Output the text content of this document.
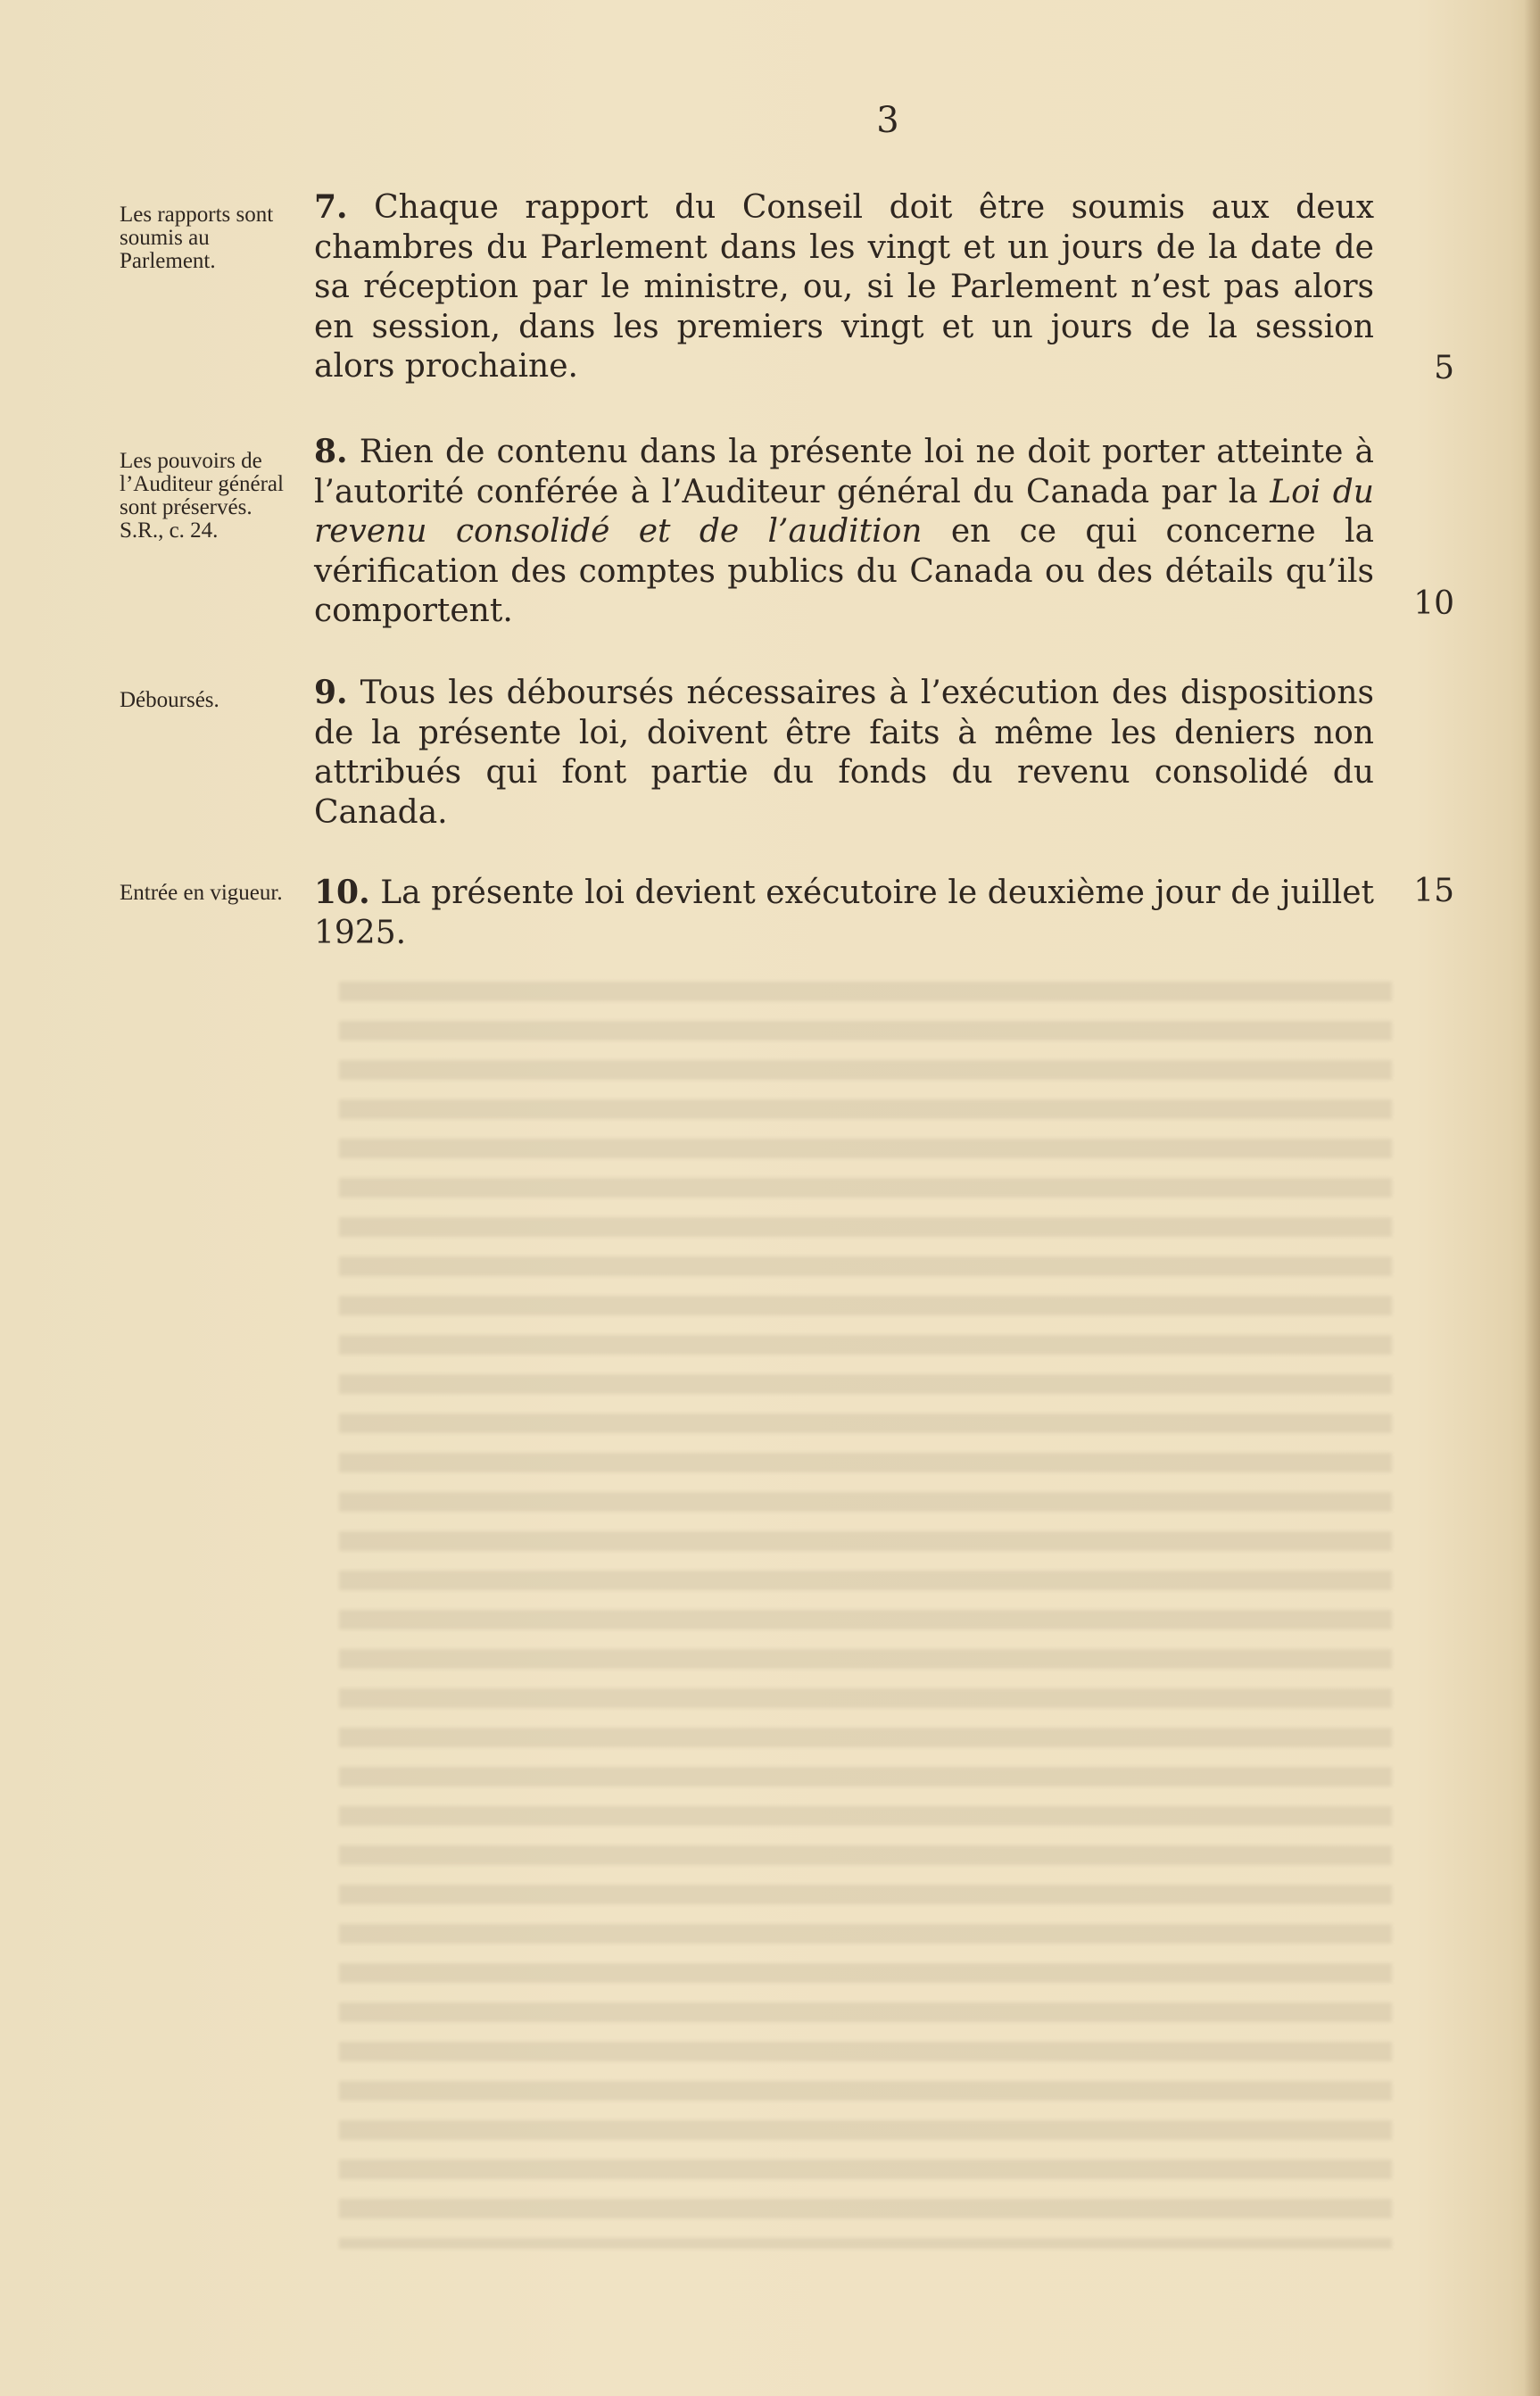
3
Les rapports sont soumis au Parlement.
7. Chaque rapport du Conseil doit être soumis aux deux chambres du Parlement dans les vingt et un jours de la date de sa réception par le ministre, ou, si le Parlement n’est pas alors en session, dans les premiers vingt et un jours de la session alors prochaine.	5
Les pouvoirs de l’Auditeur général sont préservés. S.R., c. 24.
8. Rien de contenu dans la présente loi ne doit porter atteinte à l’autorité conférée à l’Auditeur général du Canada par la Loi du revenu consolidé et de l’audition en ce qui concerne la vérification des comptes publics du Canada ou des détails qu’ils comportent.	10
Déboursés.	9. Tous les déboursés nécessaires à l’exécution des dispositions de la présente loi, doivent être faits à même les deniers non attribués qui font partie du fonds du revenu consolidé du Canada.
Entrée en vigueur. 10. La présente loi devient exécutoire le deuxième jour de juillet 1925.
15
